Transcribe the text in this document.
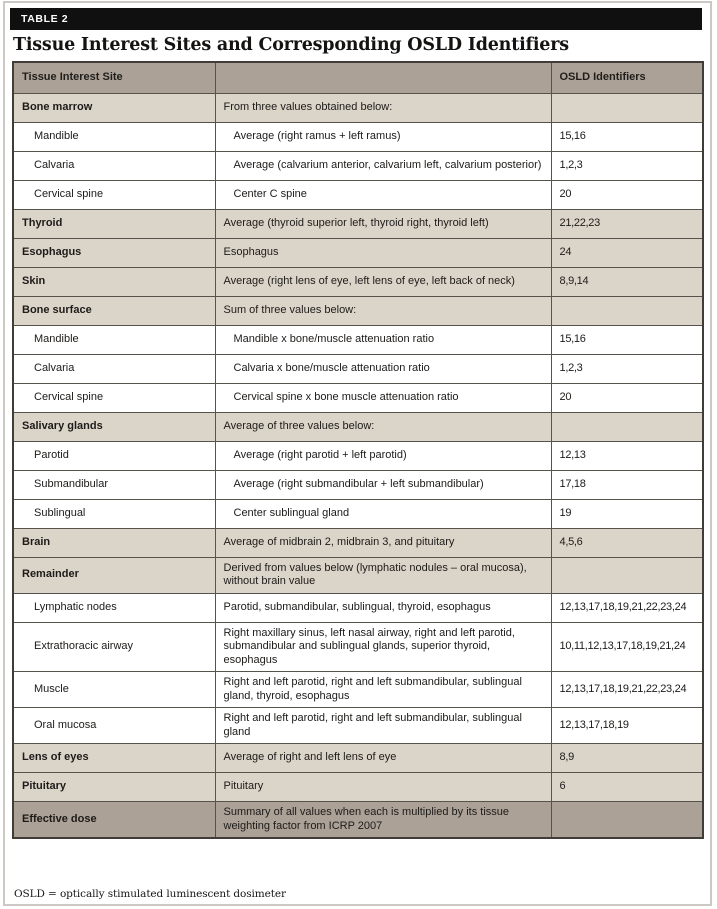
TABLE 2
Tissue Interest Sites and Corresponding OSLD Identifiers
Tissue Interest Site		OSLD Identifiers
Bone marrow	From three values obtained below:	
Mandible	Average (right ramus + left ramus)	15,16
Calvaria	Average (calvarium anterior, calvarium left, calvarium posterior)	1,2,3
Cervical spine	Center C spine	20
Thyroid	Average (thyroid superior left, thyroid right, thyroid left)	21,22,23
Esophagus	Esophagus	24
Skin	Average (right lens of eye, left lens of eye, left back of neck)	8,9,14
Bone surface	Sum of three values below:	
Mandible	Mandible x bone/muscle attenuation ratio	15,16
Calvaria	Calvaria x bone/muscle attenuation ratio	1,2,3
Cervical spine	Cervical spine x bone muscle attenuation ratio	20
Salivary glands	Average of three values below:	
Parotid	Average (right parotid + left parotid)	12,13
Submandibular	Average (right submandibular + left submandibular)	17,18
Sublingual	Center sublingual gland	19
Brain	Average of midbrain 2, midbrain 3, and pituitary	4,5,6
Remainder	Derived from values below (lymphatic nodules – oral mucosa), without brain value	
Lymphatic nodes	Parotid, submandibular, sublingual, thyroid, esophagus	12,13,17,18,19,21,22,23,24
Extrathoracic airway	Right maxillary sinus, left nasal airway, right and left parotid, submandibular and sublingual glands, superior thyroid, esophagus	10,11,12,13,17,18,19,21,24
Muscle	Right and left parotid, right and left submandibular, sublingual gland, thyroid, esophagus	12,13,17,18,19,21,22,23,24
Oral mucosa	Right and left parotid, right and left submandibular, sublingual gland	12,13,17,18,19
Lens of eyes	Average of right and left lens of eye	8,9
Pituitary	Pituitary	6
Effective dose	Summary of all values when each is multiplied by its tissue weighting factor from ICRP 2007	
OSLD = optically stimulated luminescent dosimeter
